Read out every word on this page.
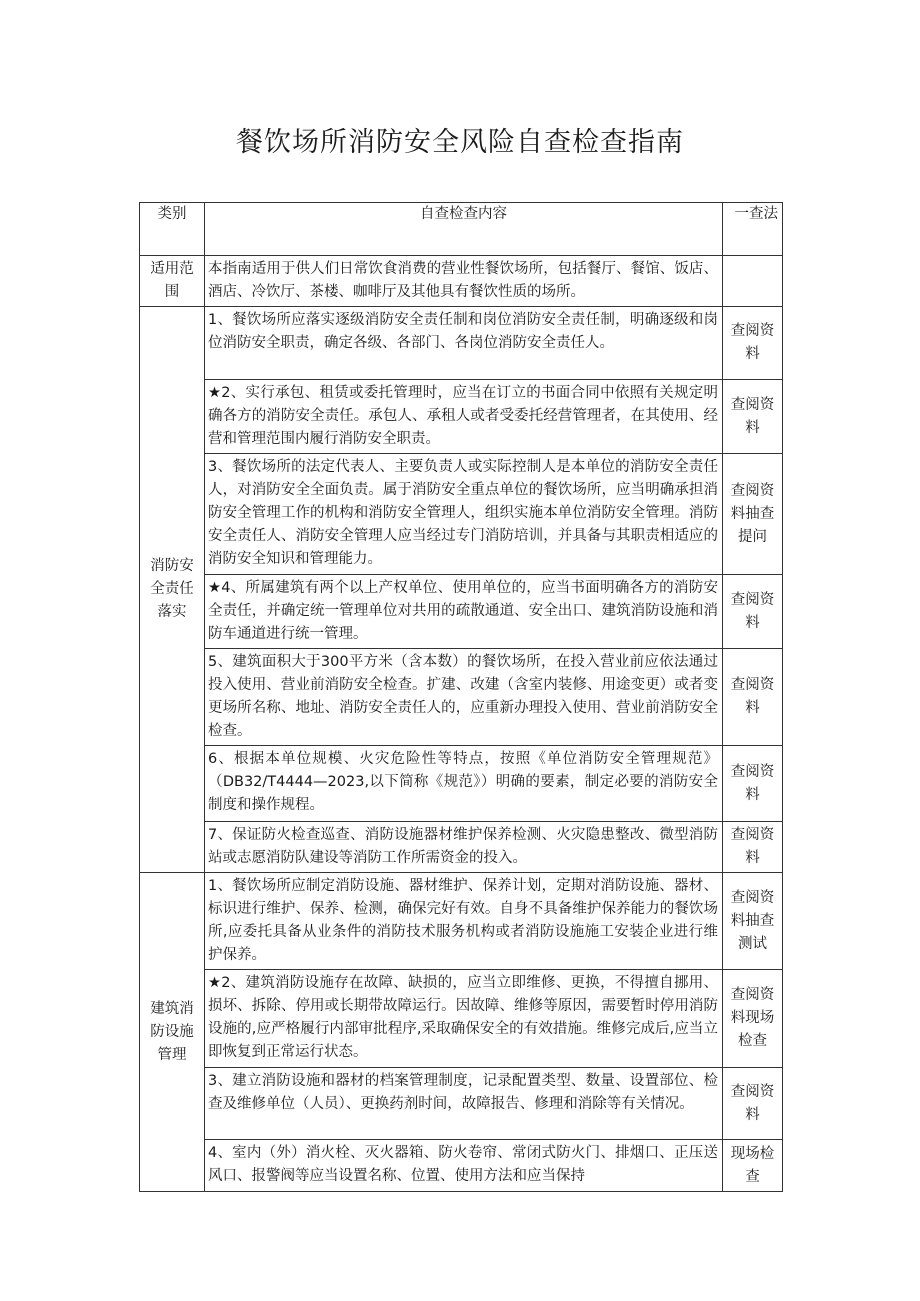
餐饮场所消防安全风险自查检查指南
类别	自查检查内容	一查法
适用范围	本指南适用于供人们日常饮食消费的营业性餐饮场所，包括餐厅、餐馆、饭店、酒店、冷饮厅、茶楼、咖啡厅及其他具有餐饮性质的场所。	
消防安全责任落实	1、餐饮场所应落实逐级消防安全责任制和岗位消防安全责任制，明确逐级和岗位消防安全职责，确定各级、各部门、各岗位消防安全责任人。	查阅资料
	★2、实行承包、租赁或委托管理时，应当在订立的书面合同中依照有关规定明确各方的消防安全责任。承包人、承租人或者受委托经营管理者，在其使用、经营和管理范围内履行消防安全职责。	查阅资料
	3、餐饮场所的法定代表人、主要负责人或实际控制人是本单位的消防安全责任人，对消防安全全面负责。属于消防安全重点单位的餐饮场所，应当明确承担消防安全管理工作的机构和消防安全管理人，组织实施本单位消防安全管理。消防安全责任人、消防安全管理人应当经过专门消防培训，并具备与其职责相适应的消防安全知识和管理能力。	查阅资料抽查提问
	★4、所属建筑有两个以上产权单位、使用单位的，应当书面明确各方的消防安全责任，并确定统一管理单位对共用的疏散通道、安全出口、建筑消防设施和消防车通道进行统一管理。	查阅资料
	5、建筑面积大于300平方米（含本数）的餐饮场所，在投入营业前应依法通过投入使用、营业前消防安全检查。扩建、改建（含室内装修、用途变更）或者变更场所名称、地址、消防安全责任人的，应重新办理投入使用、营业前消防安全检查。	查阅资料
	6、根据本单位规模、火灾危险性等特点，按照《单位消防安全管理规范》（DB32/T4444—2023,以下简称《规范》）明确的要素，制定必要的消防安全制度和操作规程。	查阅资料
	7、保证防火检查巡查、消防设施器材维护保养检测、火灾隐患整改、微型消防站或志愿消防队建设等消防工作所需资金的投入。	查阅资料
建筑消防设施管理	1、餐饮场所应制定消防设施、器材维护、保养计划，定期对消防设施、器材、标识进行维护、保养、检测，确保完好有效。自身不具备维护保养能力的餐饮场所,应委托具备从业条件的消防技术服务机构或者消防设施施工安装企业进行维护保养。	查阅资料抽查测试
	★2、建筑消防设施存在故障、缺损的，应当立即维修、更换，不得擅自挪用、损坏、拆除、停用或长期带故障运行。因故障、维修等原因，需要暂时停用消防设施的,应严格履行内部审批程序,采取确保安全的有效措施。维修完成后,应当立即恢复到正常运行状态。	查阅资料现场检查
	3、建立消防设施和器材的档案管理制度，记录配置类型、数量、设置部位、检查及维修单位（人员）、更换药剂时间，故障报告、修理和消除等有关情况。	查阅资料
	4、室内（外）消火栓、灭火器箱、防火卷帘、常闭式防火门、排烟口、正压送风口、报警阀等应当设置名称、位置、使用方法和应当保持	现场检查
